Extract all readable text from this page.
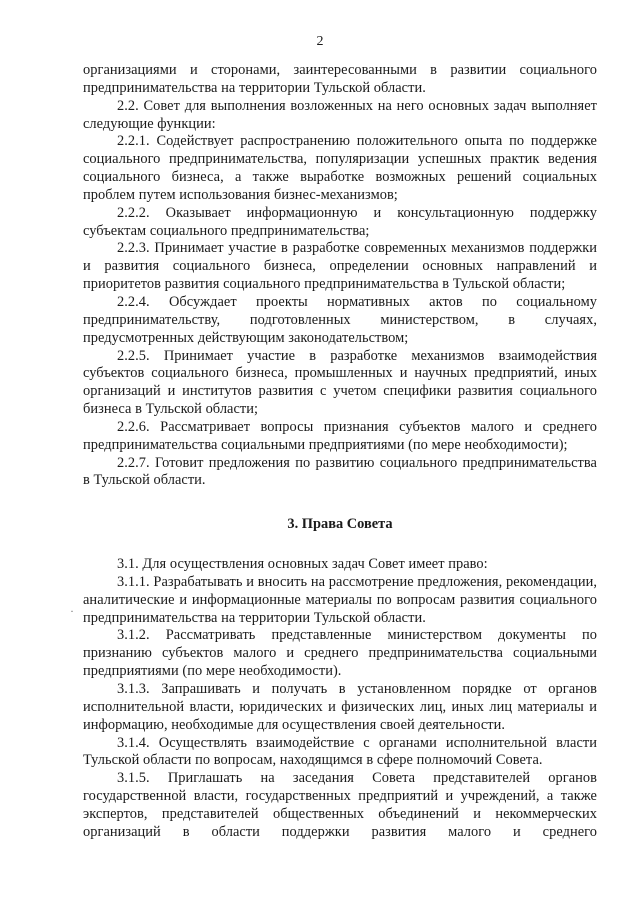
2

организациями и сторонами, заинтересованными в развитии социального предпринимательства на территории Тульской области.

2.2. Совет для выполнения возложенных на него основных задач выполняет следующие функции:

2.2.1. Содействует распространению положительного опыта по поддержке социального предпринимательства, популяризации успешных практик ведения социального бизнеса, а также выработке возможных решений социальных проблем путем использования бизнес-механизмов;

2.2.2. Оказывает информационную и консультационную поддержку субъектам социального предпринимательства;

2.2.3. Принимает участие в разработке современных механизмов поддержки и развития социального бизнеса, определении основных направлений и приоритетов развития социального предпринимательства в Тульской области;

2.2.4. Обсуждает проекты нормативных актов по социальному предпринимательству, подготовленных министерством, в случаях, предусмотренных действующим законодательством;

2.2.5. Принимает участие в разработке механизмов взаимодействия субъектов социального бизнеса, промышленных и научных предприятий, иных организаций и институтов развития с учетом специфики развития социального бизнеса в Тульской области;

2.2.6. Рассматривает вопросы признания субъектов малого и среднего предпринимательства социальными предприятиями (по мере необходимости);

2.2.7. Готовит предложения по развитию социального предпринимательства в Тульской области.

3. Права Совета

3.1. Для осуществления основных задач Совет имеет право:

3.1.1. Разрабатывать и вносить на рассмотрение предложения, рекомендации, аналитические и информационные материалы по вопросам развития социального предпринимательства на территории Тульской области.

3.1.2. Рассматривать представленные министерством документы по признанию субъектов малого и среднего предпринимательства социальными предприятиями (по мере необходимости).

3.1.3. Запрашивать и получать в установленном порядке от органов исполнительной власти, юридических и физических лиц, иных лиц материалы и информацию, необходимые для осуществления своей деятельности.

3.1.4. Осуществлять взаимодействие с органами исполнительной власти Тульской области по вопросам, находящимся в сфере полномочий Совета.

3.1.5. Приглашать на заседания Совета представителей органов государственной власти, государственных предприятий и учреждений, а также экспертов, представителей общественных объединений и некоммерческих организаций в области поддержки развития малого и среднего

·
